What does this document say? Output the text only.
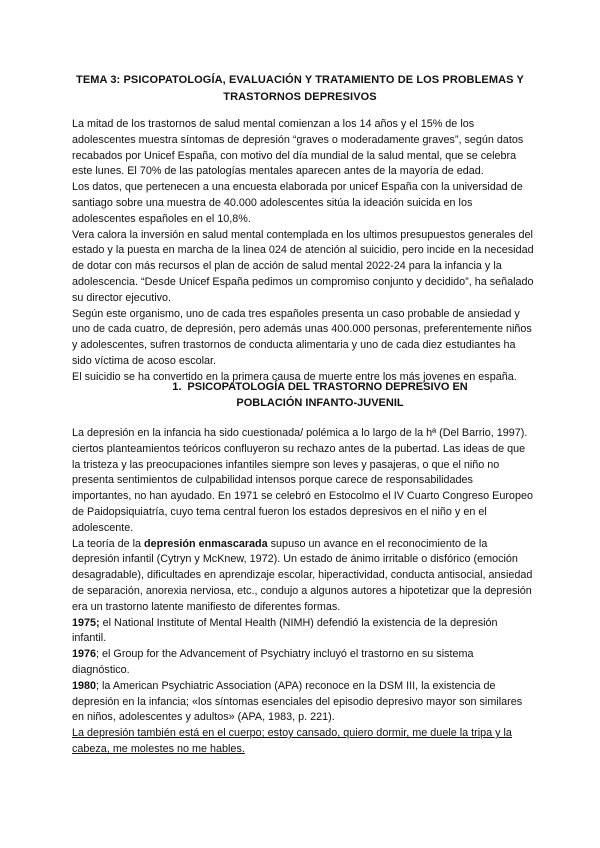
TEMA 3: PSICOPATOLOGÍA, EVALUACIÓN Y TRATAMIENTO DE LOS PROBLEMAS Y TRASTORNOS DEPRESIVOS

La mitad de los trastornos de salud mental comienzan a los 14 años y el 15% de los adolescentes muestra síntomas de depresión “graves o moderadamente graves”, según datos recabados por Unicef España, con motivo del día mundial de la salud mental, que se celebra este lunes. El 70% de las patologías mentales aparecen antes de la mayoría de edad.

Los datos, que pertenecen a una encuesta elaborada por unicef España con la universidad de santiago sobre una muestra de 40.000 adolescentes sitúa la ideación suicida en los adolescentes españoles en el 10,8%.

Vera calora la inversión en salud mental contemplada en los ultimos presupuestos generales del estado y la puesta en marcha de la linea 024 de atención al suicidio, pero incide en la necesidad de dotar con más recursos el plan de acción de salud mental 2022-24 para la infancia y la adolescencia. “Desde Unicef España pedimos un compromiso conjunto y decidido”, ha señalado su director ejecutivo.

Según este organismo, uno de cada tres españoles presenta un caso probable de ansiedad y uno de cada cuatro, de depresión, pero además unas 400.000 personas, preferentemente niños y adolescentes, sufren trastornos de conducta alimentaria y uno de cada diez estudiantes ha sido víctima de acoso escolar.

El suicidio se ha convertido en la primera causa de muerte entre los más jovenes en españa.

1. PSICOPATOLOGÍA DEL TRASTORNO DEPRESIVO EN POBLACIÓN INFANTO-JUVENIL

La depresión en la infancia ha sido cuestionada/ polémica a lo largo de la hª (Del Barrio, 1997). ciertos planteamientos teóricos confluyeron su rechazo antes de la pubertad. Las ideas de que la tristeza y las preocupaciones infantiles siempre son leves y pasajeras, o que el niño no presenta sentimientos de culpabilidad intensos porque carece de responsabilidades importantes, no han ayudado. En 1971 se celebró en Estocolmo el IV Cuarto Congreso Europeo de Paidopsiquiatría, cuyo tema central fueron los estados depresivos en el niño y en el adolescente.

La teoría de la depresión enmascarada supuso un avance en el reconocimiento de la depresión infantil (Cytryn y McKnew, 1972). Un estado de ánimo irritable o disfórico (emoción desagradable), dificultades en aprendizaje escolar, hiperactividad, conducta antisocial, ansiedad de separación, anorexia nerviosa, etc., condujo a algunos autores a hipotetizar que la depresión era un trastorno latente manifiesto de diferentes formas.

1975; el National Institute of Mental Health (NIMH) defendió la existencia de la depresión infantil.

1976; el Group for the Advancement of Psychiatry incluyó el trastorno en su sistema diagnóstico.

1980; la American Psychiatric Association (APA) reconoce en la DSM III, la existencia de depresión en la infancia; «los síntomas esenciales del episodio depresivo mayor son similares en niños, adolescentes y adultos» (APA, 1983, p. 221).

La depresión también está en el cuerpo; estoy cansado, quiero dormir, me duele la tripa y la cabeza, me molestes no me hables.
